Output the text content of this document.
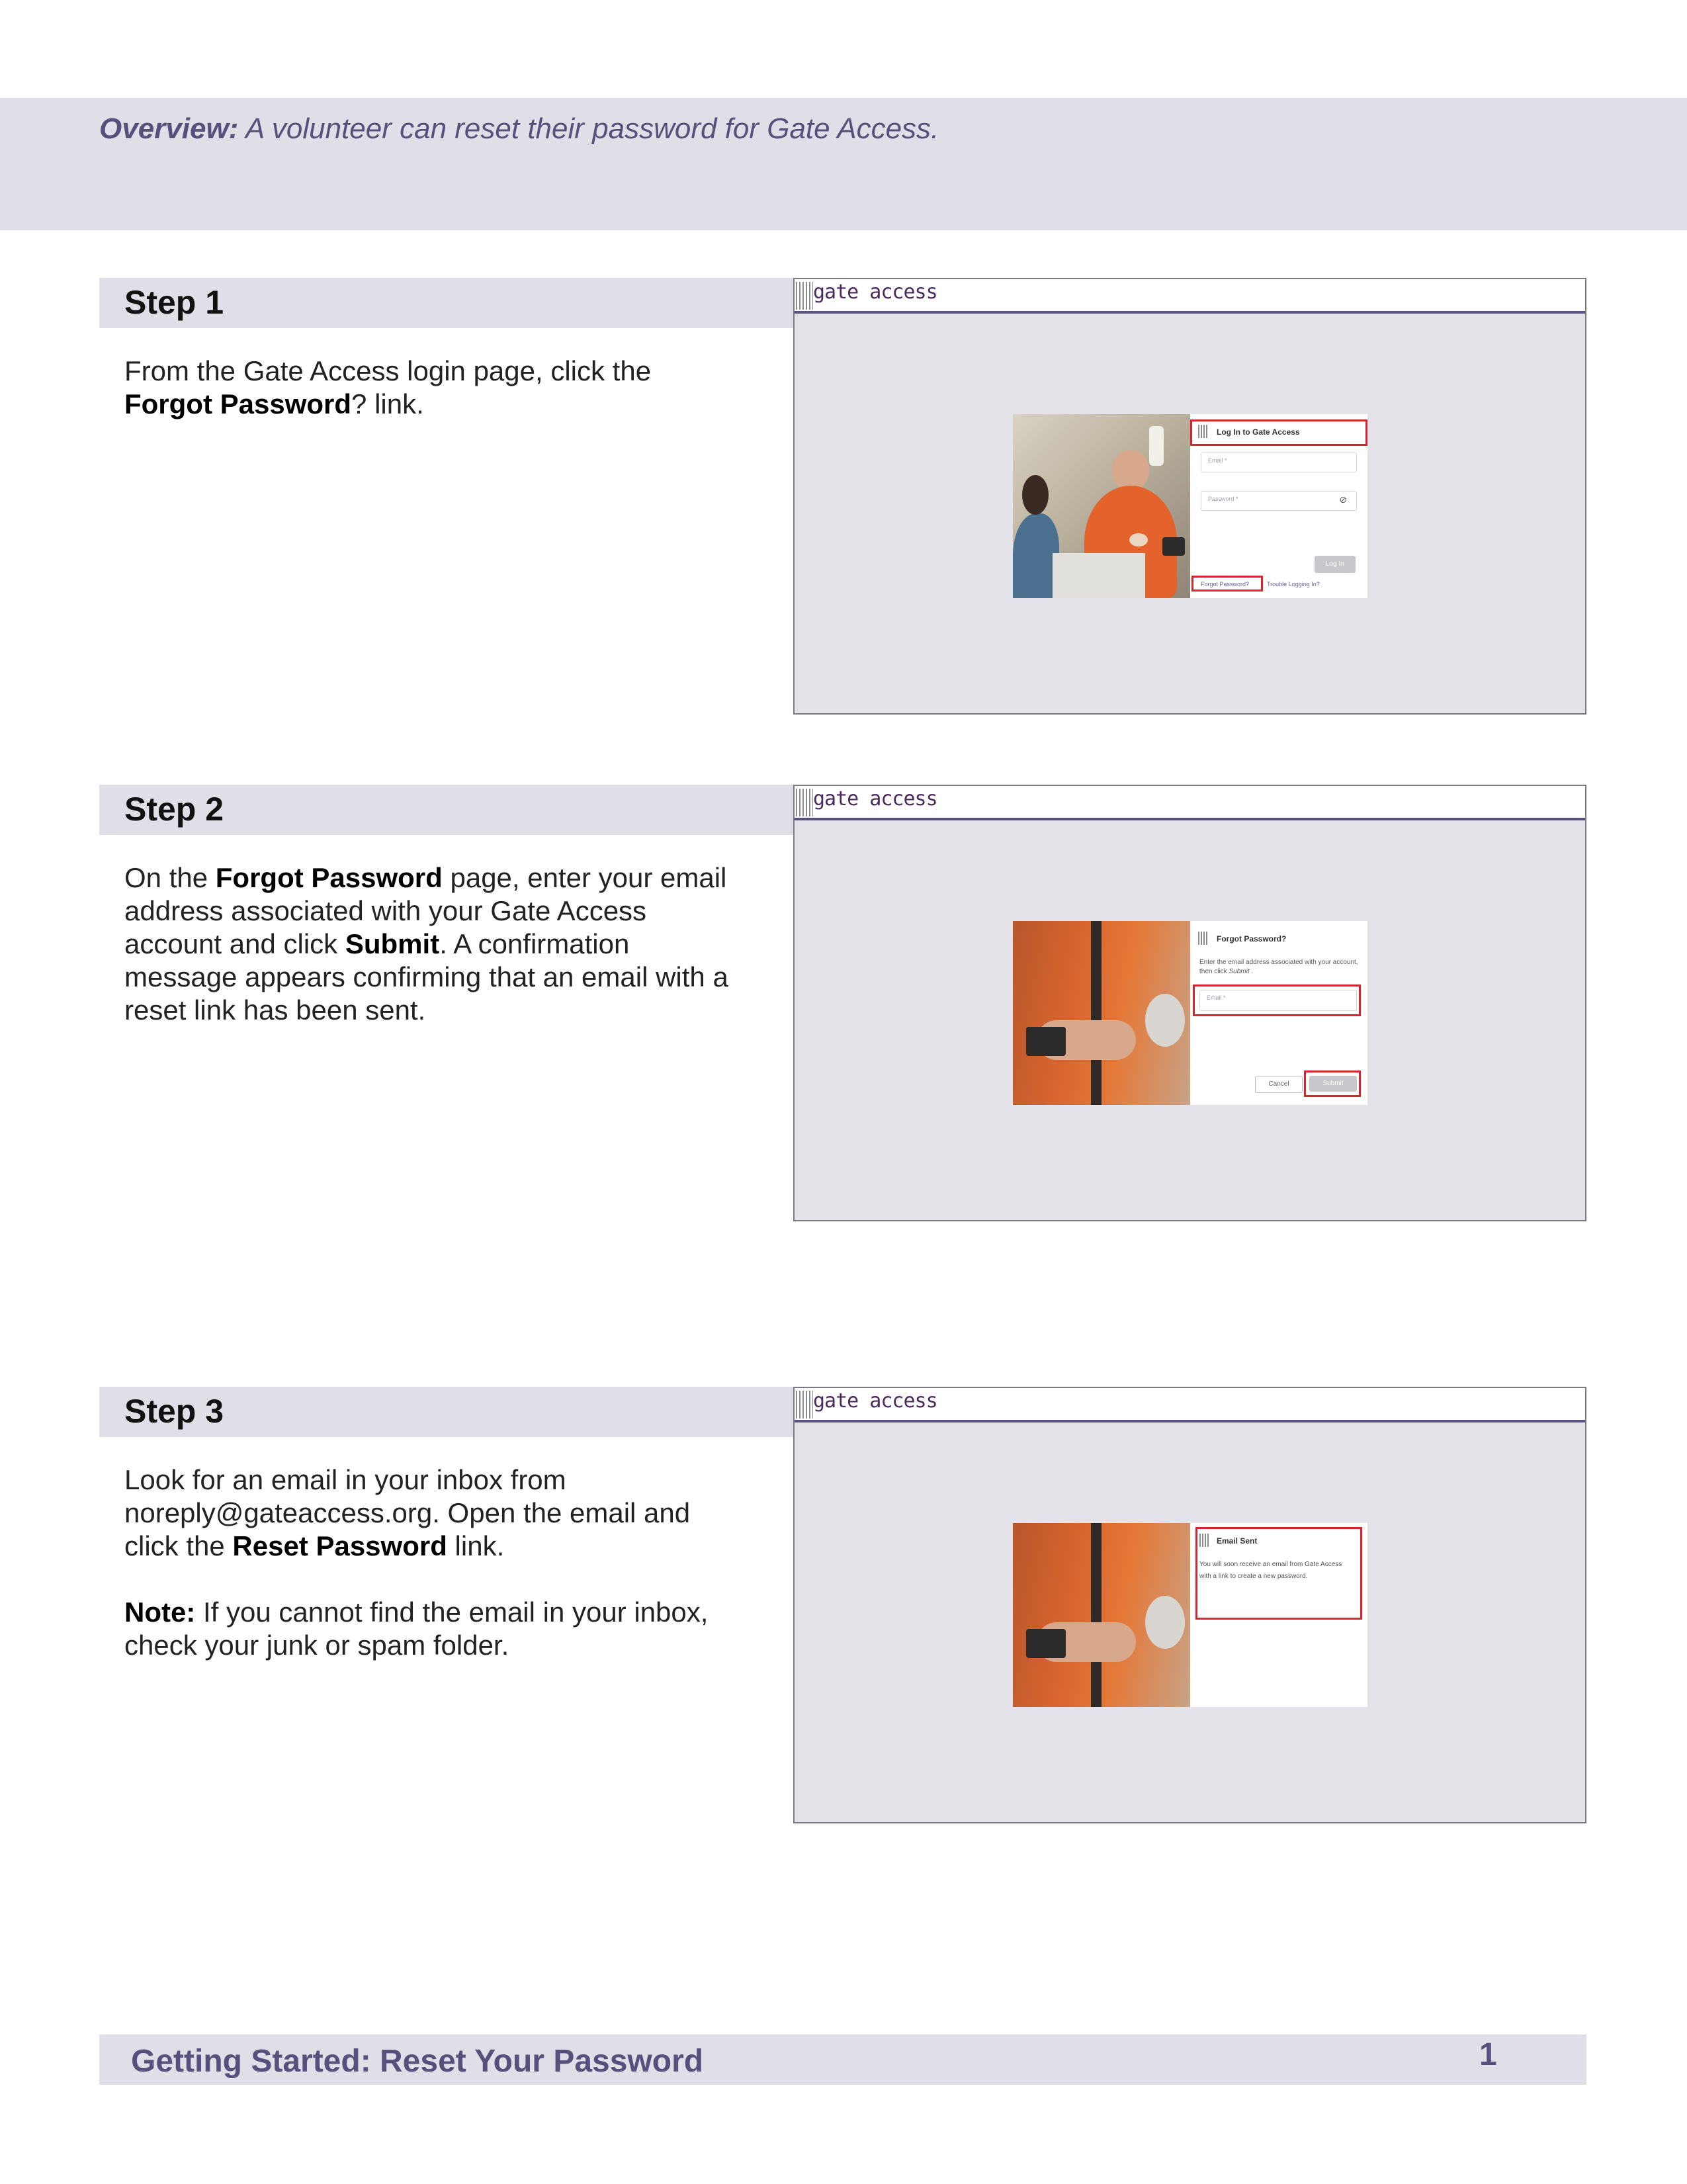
Overview: A volunteer can reset their password for Gate Access.
Step 1
From the Gate Access login page, click the Forgot Password? link.
gate access
Log In to Gate Access
Email *
Password *	⊘
Log In
Forgot Password?	Trouble Logging In?
Step 2
On the Forgot Password page, enter your email address associated with your Gate Access account and click Submit. A confirmation message appears confirming that an email with a reset link has been sent.
gate access
Forgot Password?
Enter the email address associated with your account, then click Submit .
Email *
Cancel	Submit
Step 3
Look for an email in your inbox from noreply@gateaccess.org. Open the email and click the Reset Password link.
Note: If you cannot find the email in your inbox, check your junk or spam folder.
gate access
Email Sent
You will soon receive an email from Gate Access with a link to create a new password.
Getting Started: Reset Your Password	1
